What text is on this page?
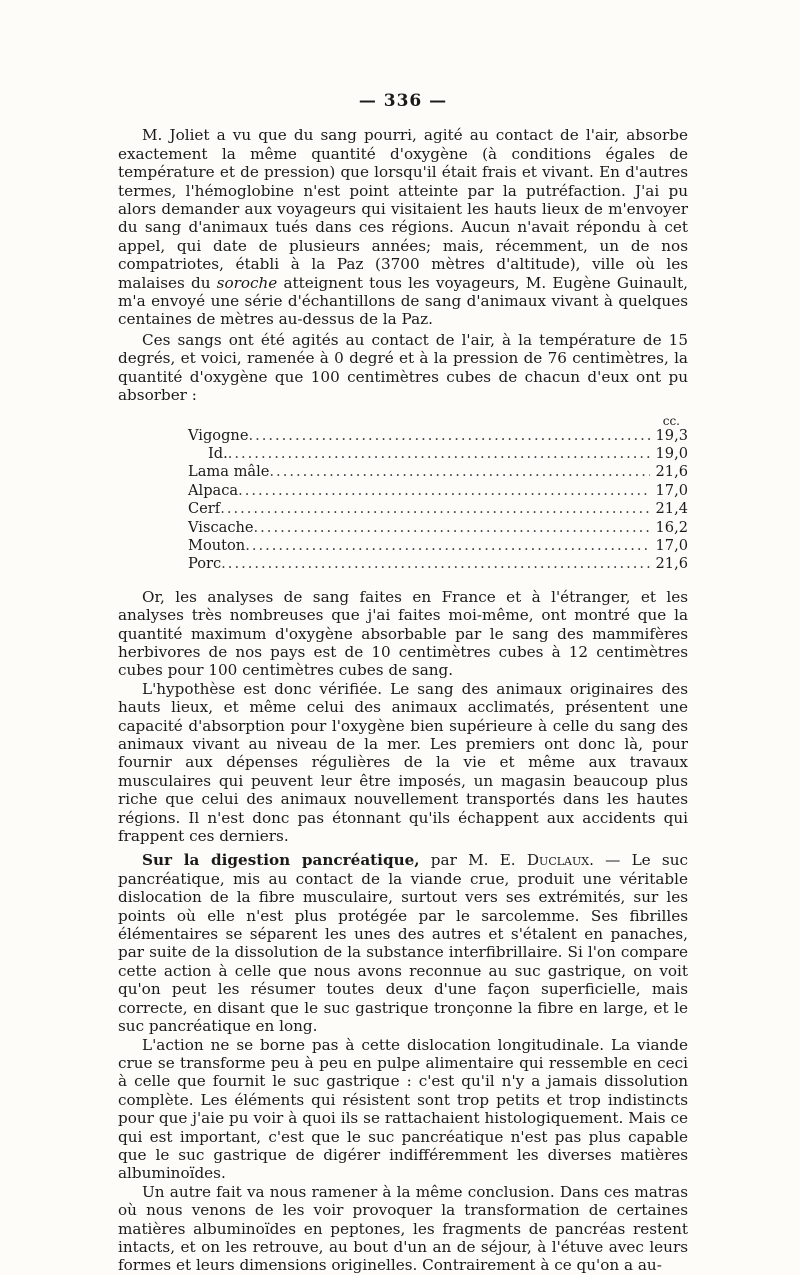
— 336 —

M. Joliet a vu que du sang pourri, agité au contact de l'air, absorbe exactement la même quantité d'oxygène (à conditions égales de température et de pression) que lorsqu'il était frais et vivant. En d'autres termes, l'hémoglobine n'est point atteinte par la putréfaction. J'ai pu alors demander aux voyageurs qui visitaient les hauts lieux de m'envoyer du sang d'animaux tués dans ces régions. Aucun n'avait répondu à cet appel, qui date de plusieurs années; mais, récemment, un de nos compatriotes, établi à la Paz (3700 mètres d'altitude), ville où les malaises du soroche atteignent tous les voyageurs, M. Eugène Guinault, m'a envoyé une série d'échantillons de sang d'animaux vivant à quelques centaines de mètres au-dessus de la Paz.

Ces sangs ont été agités au contact de l'air, à la température de 15 degrés, et voici, ramenée à 0 degré et à la pression de 76 centimètres, la quantité d'oxygène que 100 centimètres cubes de chacun d'eux ont pu absorber :

cc.
Vigogne .....	19,3
Id. .....	19,0
Lama mâle .....	21,6
Alpaca .....	17,0
Cerf .....	21,4
Viscache .....	16,2
Mouton .....	17,0
Porc .....	21,6

Or, les analyses de sang faites en France et à l'étranger, et les analyses très nombreuses que j'ai faites moi-même, ont montré que la quantité maximum d'oxygène absorbable par le sang des mammifères herbivores de nos pays est de 10 centimètres cubes à 12 centimètres cubes pour 100 centimètres cubes de sang.

L'hypothèse est donc vérifiée. Le sang des animaux originaires des hauts lieux, et même celui des animaux acclimatés, présentent une capacité d'absorption pour l'oxygène bien supérieure à celle du sang des animaux vivant au niveau de la mer. Les premiers ont donc là, pour fournir aux dépenses régulières de la vie et même aux travaux musculaires qui peuvent leur être imposés, un magasin beaucoup plus riche que celui des animaux nouvellement transportés dans les hautes régions. Il n'est donc pas étonnant qu'ils échappent aux accidents qui frappent ces derniers.

Sur la digestion pancréatique, par M. E. Duclaux. — Le suc pancréatique, mis au contact de la viande crue, produit une véritable dislocation de la fibre musculaire, surtout vers ses extrémités, sur les points où elle n'est plus protégée par le sarcolemme. Ses fibrilles élémentaires se séparent les unes des autres et s'étalent en panaches, par suite de la dissolution de la substance interfibrillaire. Si l'on compare cette action à celle que nous avons reconnue au suc gastrique, on voit qu'on peut les résumer toutes deux d'une façon superficielle, mais correcte, en disant que le suc gastrique tronçonne la fibre en large, et le suc pancréatique en long.

L'action ne se borne pas à cette dislocation longitudinale. La viande crue se transforme peu à peu en pulpe alimentaire qui ressemble en ceci à celle que fournit le suc gastrique : c'est qu'il n'y a jamais dissolution complète. Les éléments qui résistent sont trop petits et trop indistincts pour que j'aie pu voir à quoi ils se rattachaient histologiquement. Mais ce qui est important, c'est que le suc pancréatique n'est pas plus capable que le suc gastrique de digérer indifféremment les diverses matières albuminoïdes.

Un autre fait va nous ramener à la même conclusion. Dans ces matras où nous venons de les voir provoquer la transformation de certaines matières albuminoïdes en peptones, les fragments de pancréas restent intacts, et on les retrouve, au bout d'un an de séjour, à l'étuve avec leurs formes et leurs dimensions originelles. Contrairement à ce qu'on a au-
